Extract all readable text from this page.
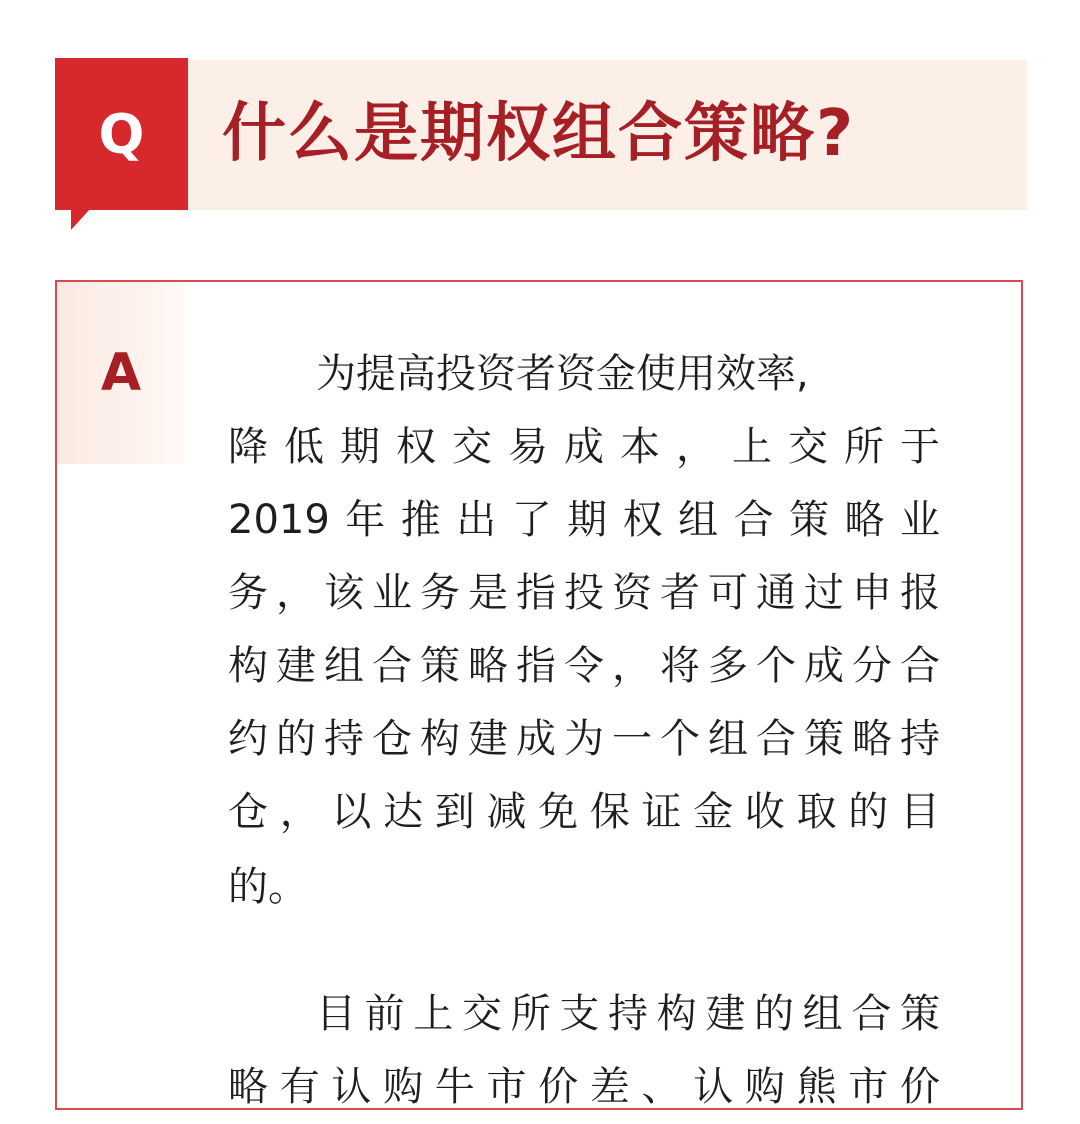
Q 什么是期权组合策略?
A	为提高投资者资金使用效率,
降低期权交易成本，上交所于
2019年推出了期权组合策略业
务，该业务是指投资者可通过申报
构建组合策略指令，将多个成分合
约的持仓构建成为一个组合策略持
仓，以达到减免保证金收取的目
的。
目前上交所支持构建的组合策
略有认购牛市价差、认购熊市价
